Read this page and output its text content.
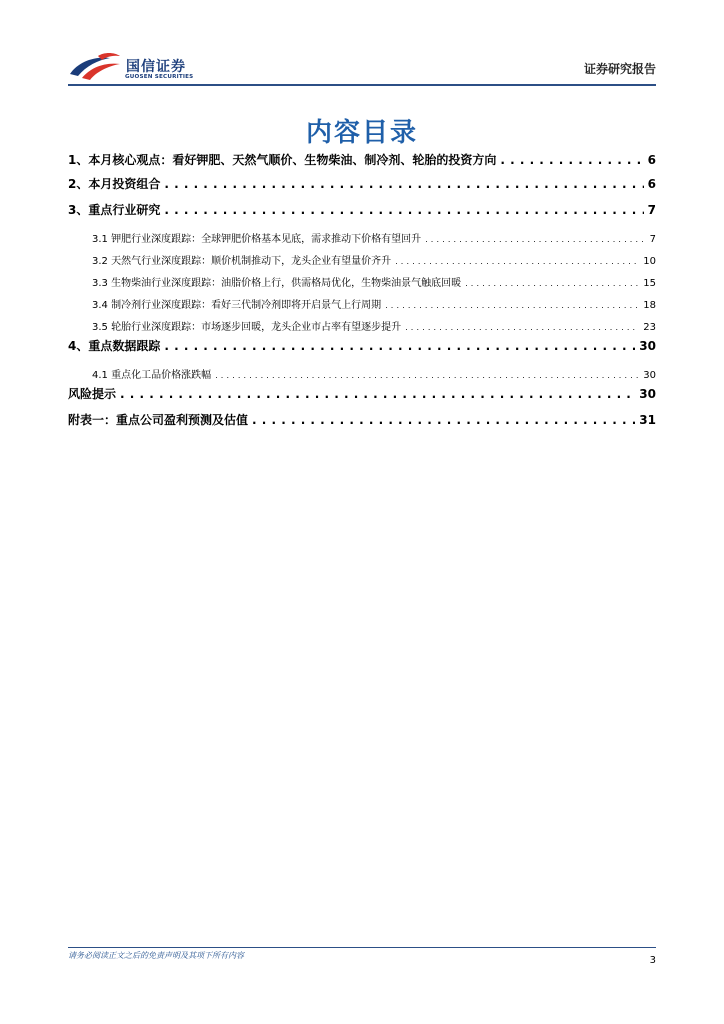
国信证券
GUOSEN SECURITIES
证券研究报告
内容目录
1、本月核心观点：看好钾肥、天然气顺价、生物柴油、制冷剂、轮胎的投资方向 . . .	6
2、本月投资组合 . . .	6
3、重点行业研究 . . .	7
3.1 钾肥行业深度跟踪：全球钾肥价格基本见底，需求推动下价格有望回升 . . .	7
3.2 天然气行业深度跟踪：顺价机制推动下，龙头企业有望量价齐升 . . .	10
3.3 生物柴油行业深度跟踪：油脂价格上行，供需格局优化，生物柴油景气触底回暖 . . .	15
3.4 制冷剂行业深度跟踪：看好三代制冷剂即将开启景气上行周期 . . .	18
3.5 轮胎行业深度跟踪：市场逐步回暖，龙头企业市占率有望逐步提升 . . .	23
4、重点数据跟踪 . . .	30
4.1 重点化工品价格涨跌幅 . . .	30
风险提示 . . .	30
附表一：重点公司盈利预测及估值 . . .	31
请务必阅读正文之后的免责声明及其项下所有内容	3
